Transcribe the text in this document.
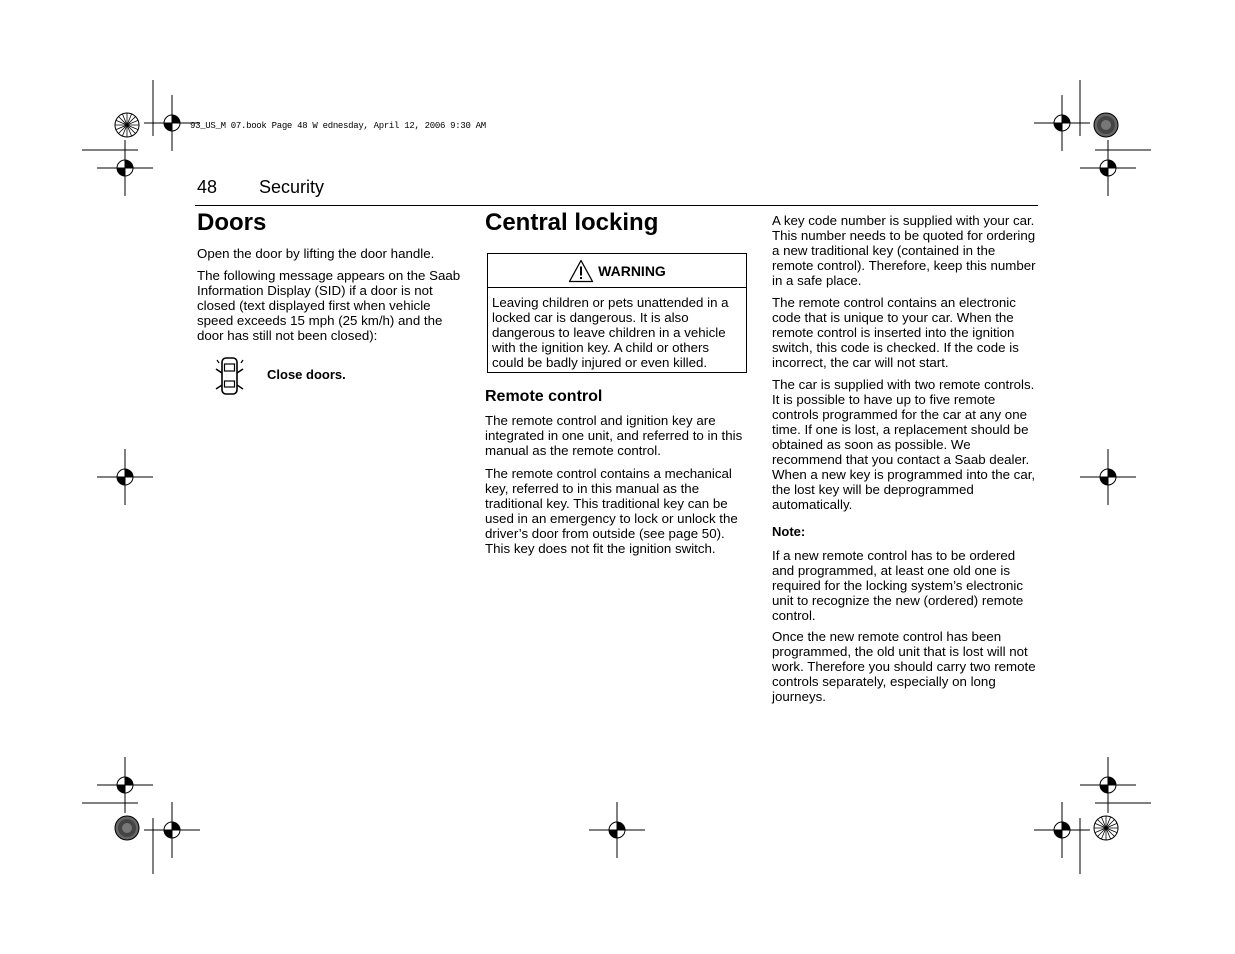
93_US_M 07.book Page 48 W ednesday, April 12, 2006 9:30 AM
48 Security
Doors

Open the door by lifting the door handle.

The following message appears on the Saab Information Display (SID) if a door is not closed (text displayed first when vehicle speed exceeds 15 mph (25 km/h) and the door has still not been closed):

Close doors.
Central locking
WARNING

Leaving children or pets unattended in a locked car is dangerous. It is also dangerous to leave children in a vehicle with the ignition key. A child or others could be badly injured or even killed.

Remote control

The remote control and ignition key are integrated in one unit, and referred to in this manual as the remote control.

The remote control contains a mechanical key, referred to in this manual as the traditional key. This traditional key can be used in an emergency to lock or unlock the driver’s door from outside (see page 50). This key does not fit the ignition switch.

A key code number is supplied with your car. This number needs to be quoted for ordering a new traditional key (contained in the remote control). Therefore, keep this number in a safe place.

The remote control contains an electronic code that is unique to your car. When the remote control is inserted into the ignition switch, this code is checked. If the code is incorrect, the car will not start.

The car is supplied with two remote controls. It is possible to have up to five remote controls programmed for the car at any one time. If one is lost, a replacement should be obtained as soon as possible. We recommend that you contact a Saab dealer. When a new key is programmed into the car, the lost key will be deprogrammed automatically.

Note:

If a new remote control has to be ordered and programmed, at least one old one is required for the locking system’s electronic unit to recognize the new (ordered) remote control.

Once the new remote control has been programmed, the old unit that is lost will not work. Therefore you should carry two remote controls separately, especially on long journeys.
